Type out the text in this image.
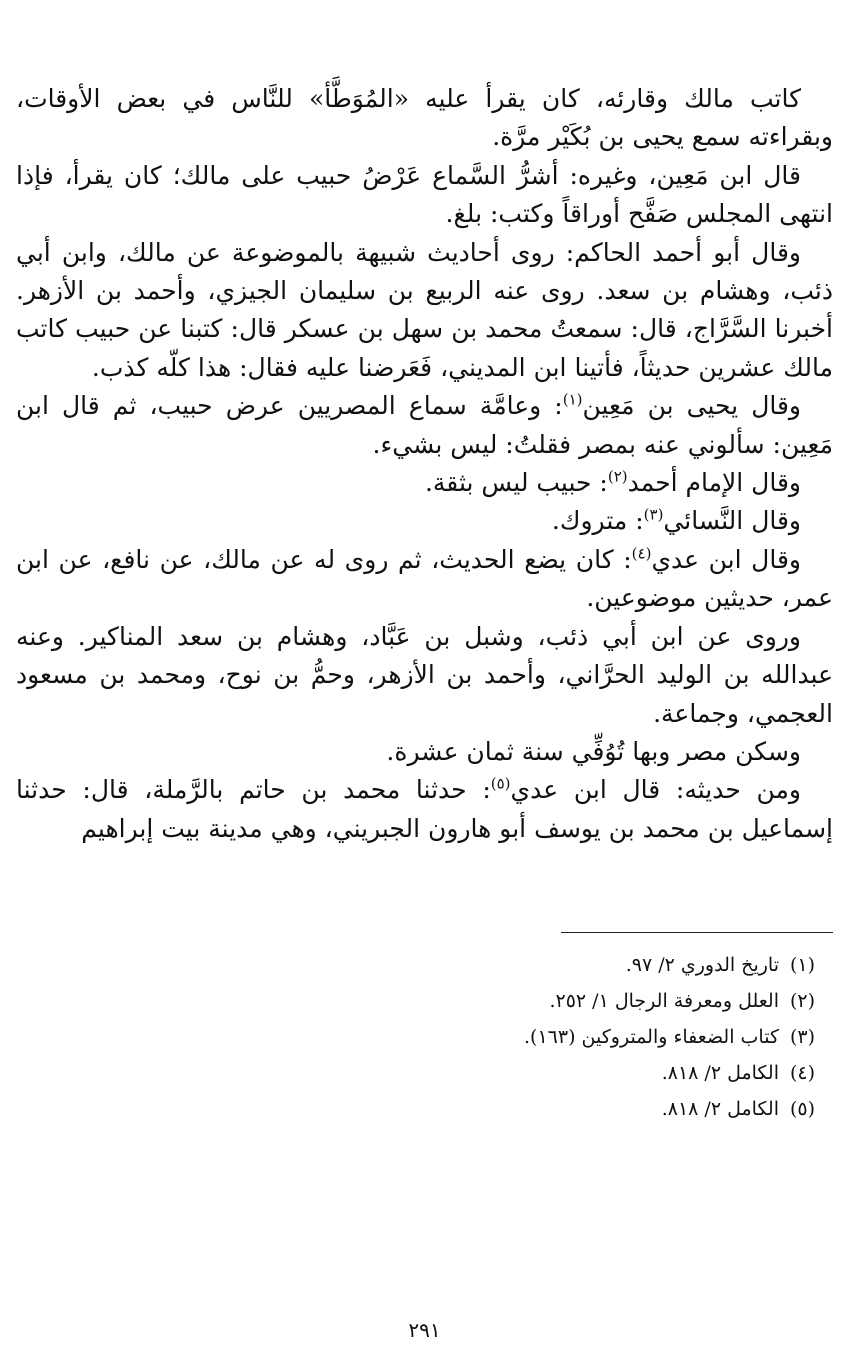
كاتب مالك وقارئه، كان يقرأ عليه «المُوَطَّأ» للنَّاس في بعض الأوقات، وبقراءته سمع يحيى بن بُكَيْر مرَّة.

قال ابن مَعِين، وغيره: أشرُّ السَّماع عَرْضُ حبيب على مالك؛ كان يقرأ، فإذا انتهى المجلس صَفَّح أوراقاً وكتب: بلغ.

وقال أبو أحمد الحاكم: روى أحاديث شبيهة بالموضوعة عن مالك، وابن أبي ذئب، وهشام بن سعد. روى عنه الربيع بن سليمان الجيزي، وأحمد بن الأزهر. أخبرنا السَّرَّاج، قال: سمعتُ محمد بن سهل بن عسكر قال: كتبنا عن حبيب كاتب مالك عشرين حديثاً، فأتينا ابن المديني، فَعَرضنا عليه فقال: هذا كلّه كذب.

وقال يحيى بن مَعِين$^{(١)}$: وعامَّة سماع المصريين عرض حبيب، ثم قال ابن مَعِين: سألوني عنه بمصر فقلتُ: ليس بشيء.

وقال الإمام أحمد$^{(٢)}$: حبيب ليس بثقة.

وقال النَّسائي$^{(٣)}$: متروك.

وقال ابن عدي$^{(٤)}$: كان يضع الحديث، ثم روى له عن مالك، عن نافع، عن ابن عمر، حديثين موضوعين.

وروى عن ابن أبي ذئب، وشبل بن عَبَّاد، وهشام بن سعد المناكير. وعنه عبدالله بن الوليد الحرَّاني، وأحمد بن الأزهر، وحمُّ بن نوح، ومحمد بن مسعود العجمي، وجماعة.

وسكن مصر وبها تُوُفِّي سنة ثمان عشرة.

ومن حديثه: قال ابن عدي$^{(٥)}$: حدثنا محمد بن حاتم بالرَّملة، قال: حدثنا إسماعيل بن محمد بن يوسف أبو هارون الجبريني، وهي مدينة بيت إبراهيم

(١)
تاريخ الدوري ٢/ ٩٧.
(٢)
العلل ومعرفة الرجال ١/ ٢٥٢.
(٣)
كتاب الضعفاء والمتروكين (١٦٣).
(٤)
الكامل ٢/ ٨١٨.
(٥)
الكامل ٢/ ٨١٨.
٢٩١
